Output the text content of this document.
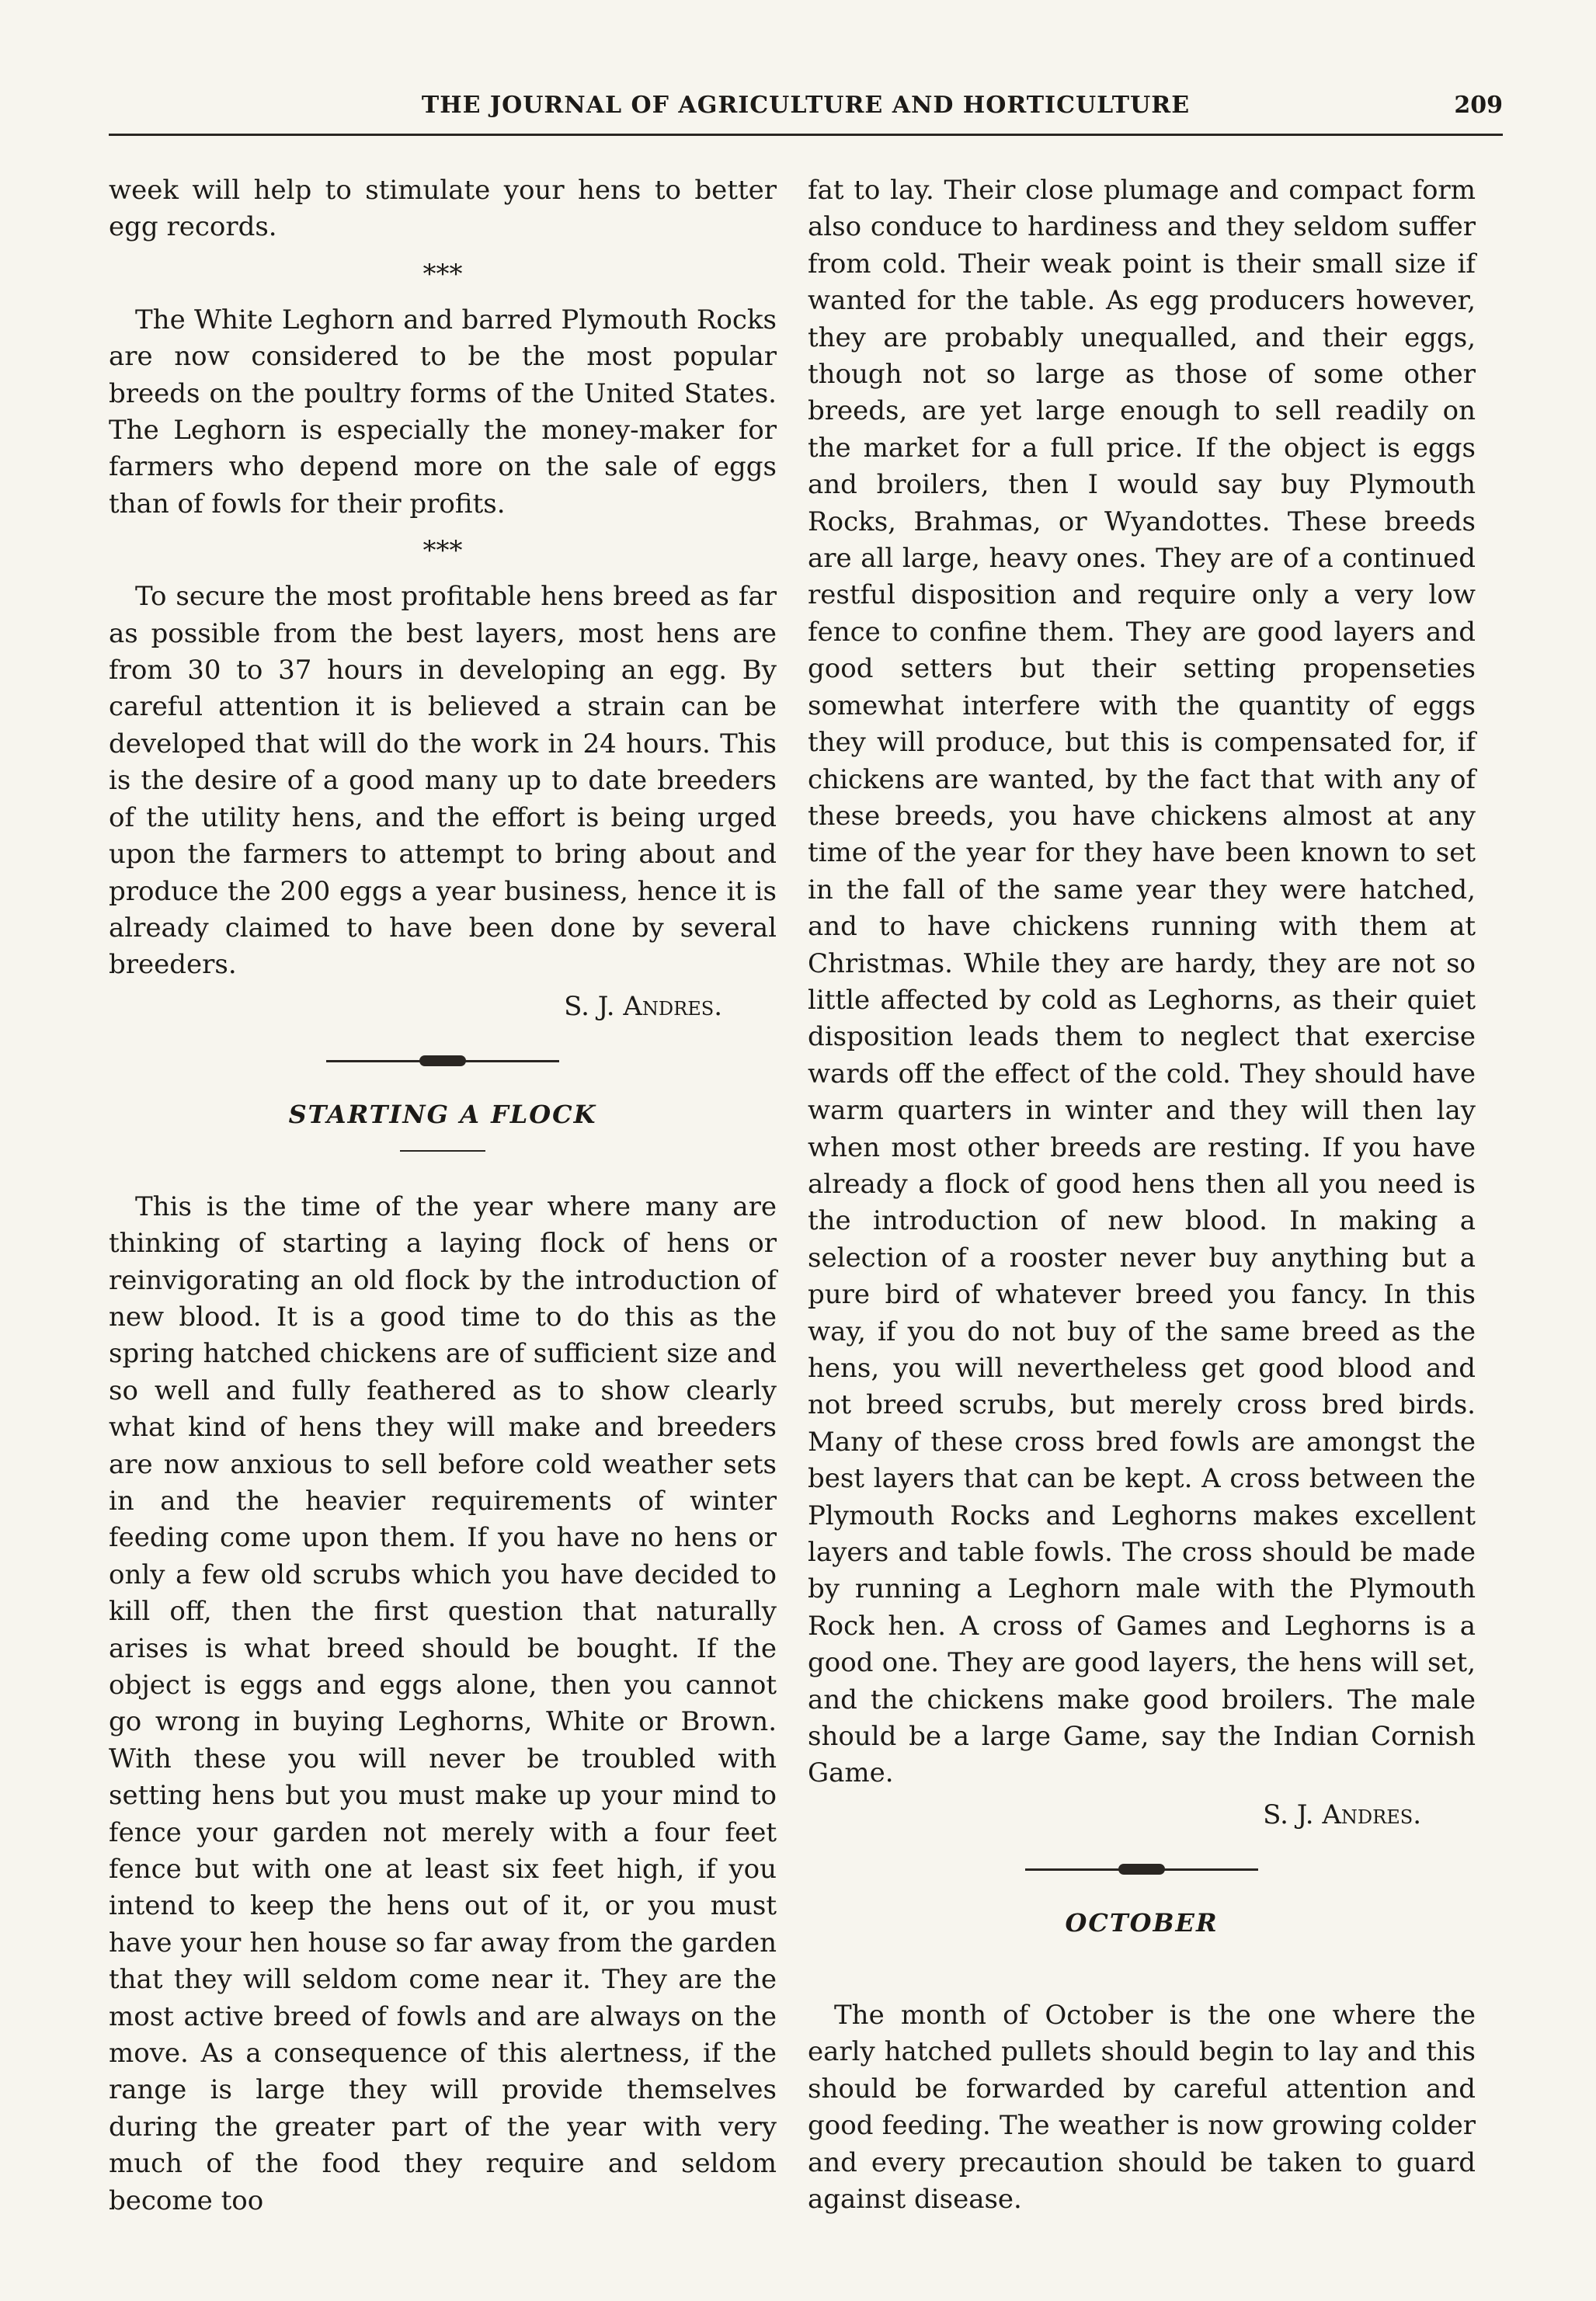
THE JOURNAL OF AGRICULTURE AND HORTICULTURE	209

week will help to stimulate your hens to better egg records.

***

The White Leghorn and barred Plymouth Rocks are now considered to be the most popular breeds on the poultry forms of the United States. The Leghorn is especially the money-maker for farmers who depend more on the sale of eggs than of fowls for their profits.

***

To secure the most profitable hens breed as far as possible from the best layers, most hens are from 30 to 37 hours in developing an egg. By careful attention it is believed a strain can be developed that will do the work in 24 hours. This is the desire of a good many up to date breeders of the utility hens, and the effort is being urged upon the farmers to attempt to bring about and produce the 200 eggs a year business, hence it is already claimed to have been done by several breeders.

S. J. Andres.

STARTING A FLOCK

This is the time of the year where many are thinking of starting a laying flock of hens or reinvigorating an old flock by the introduction of new blood. It is a good time to do this as the spring hatched chickens are of sufficient size and so well and fully feathered as to show clearly what kind of hens they will make and breeders are now anxious to sell before cold weather sets in and the heavier requirements of winter feeding come upon them. If you have no hens or only a few old scrubs which you have decided to kill off, then the first question that naturally arises is what breed should be bought. If the object is eggs and eggs alone, then you cannot go wrong in buying Leghorns, White or Brown. With these you will never be troubled with setting hens but you must make up your mind to fence your garden not merely with a four feet fence but with one at least six feet high, if you intend to keep the hens out of it, or you must have your hen house so far away from the garden that they will seldom come near it. They are the most active breed of fowls and are always on the move. As a consequence of this alertness, if the range is large they will provide themselves during the greater part of the year with very much of the food they require and seldom become too

fat to lay. Their close plumage and compact form also conduce to hardiness and they seldom suffer from cold. Their weak point is their small size if wanted for the table. As egg producers however, they are probably unequalled, and their eggs, though not so large as those of some other breeds, are yet large enough to sell readily on the market for a full price. If the object is eggs and broilers, then I would say buy Plymouth Rocks, Brahmas, or Wyandottes. These breeds are all large, heavy ones. They are of a continued restful disposition and require only a very low fence to confine them. They are good layers and good setters but their setting propenseties somewhat interfere with the quantity of eggs they will produce, but this is compensated for, if chickens are wanted, by the fact that with any of these breeds, you have chickens almost at any time of the year for they have been known to set in the fall of the same year they were hatched, and to have chickens running with them at Christmas. While they are hardy, they are not so little affected by cold as Leghorns, as their quiet disposition leads them to neglect that exercise wards off the effect of the cold. They should have warm quarters in winter and they will then lay when most other breeds are resting. If you have already a flock of good hens then all you need is the introduction of new blood. In making a selection of a rooster never buy anything but a pure bird of whatever breed you fancy. In this way, if you do not buy of the same breed as the hens, you will nevertheless get good blood and not breed scrubs, but merely cross bred birds. Many of these cross bred fowls are amongst the best layers that can be kept. A cross between the Plymouth Rocks and Leghorns makes excellent layers and table fowls. The cross should be made by running a Leghorn male with the Plymouth Rock hen. A cross of Games and Leghorns is a good one. They are good layers, the hens will set, and the chickens make good broilers. The male should be a large Game, say the Indian Cornish Game.

S. J. Andres.

OCTOBER

The month of October is the one where the early hatched pullets should begin to lay and this should be forwarded by careful attention and good feeding. The weather is now growing colder and every precaution should be taken to guard against disease.
